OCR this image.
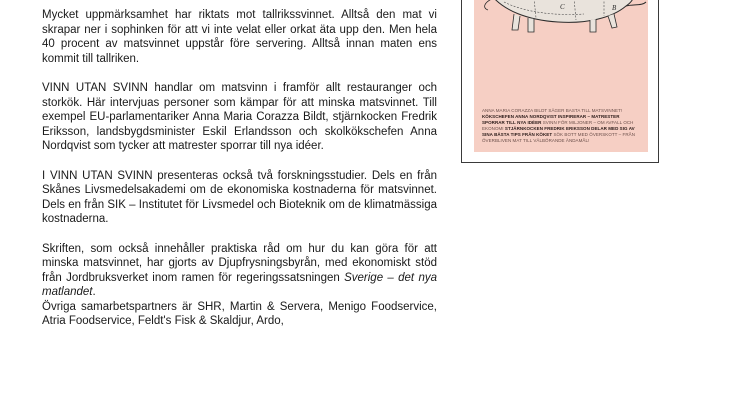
Mycket uppmärksamhet har riktats mot tallrikssvinnet. Alltså den mat vi skrapar ner i sophinken för att vi inte velat eller orkat äta upp den. Men hela 40 procent av matsvinnet uppstår före servering. Alltså innan maten ens kommit till tallriken.

VINN UTAN SVINN handlar om matsvinn i framför allt restauranger och storkök. Här intervjuas personer som kämpar för att minska matsvinnet. Till exempel EU-parlamentariker Anna Maria Corazza Bildt, stjärnkocken Fredrik Eriksson, landsbygdsminister Eskil Erlandsson och skolkökschefen Anna Nordqvist som tycker att matrester sporrar till nya idéer.

I VINN UTAN SVINN presenteras också två forskningsstudier. Dels en från Skånes Livsmedelsakademi om de ekonomiska kostnaderna för matsvinnet. Dels en från SIK – Institutet för Livsmedel och Bioteknik om de klimatmässiga kostnaderna.

Skriften, som också innehåller praktiska råd om hur du kan göra för att minska matsvinnet, har gjorts av Djupfrysningsbyrån, med ekonomiskt stöd från Jordbruksverket inom ramen för regeringssatsningen Sverige – det nya matlandet.

Övriga samarbetspartners är SHR, Martin & Servera, Menigo Foodservice, Atria Foodservice, Feldt's Fisk & Skaldjur, Ardo,

C	B
ANNA MARIA CORAZZA BILDT SÄGER BASTA TILL MATSVINNET! KÖKSCHEFEN ANNA NORDQVIST INSPIRERAR – MATRESTER SPORRAR TILL NYA IDÉER SVINN FÖR MILJONER – OM AVFALL OCH EKONOMI STJÄRNKOCKEN FREDRIK ERIKSSON DELAR MED SIG AV SINA BÄSTA TIPS FRÅN KÖKET SÖK BOTT MED ÖVERSKOTT – FRÅN ÖVERBLIVEN MAT TILL VÄLBÖRANDE ÄNDAMÅL!
